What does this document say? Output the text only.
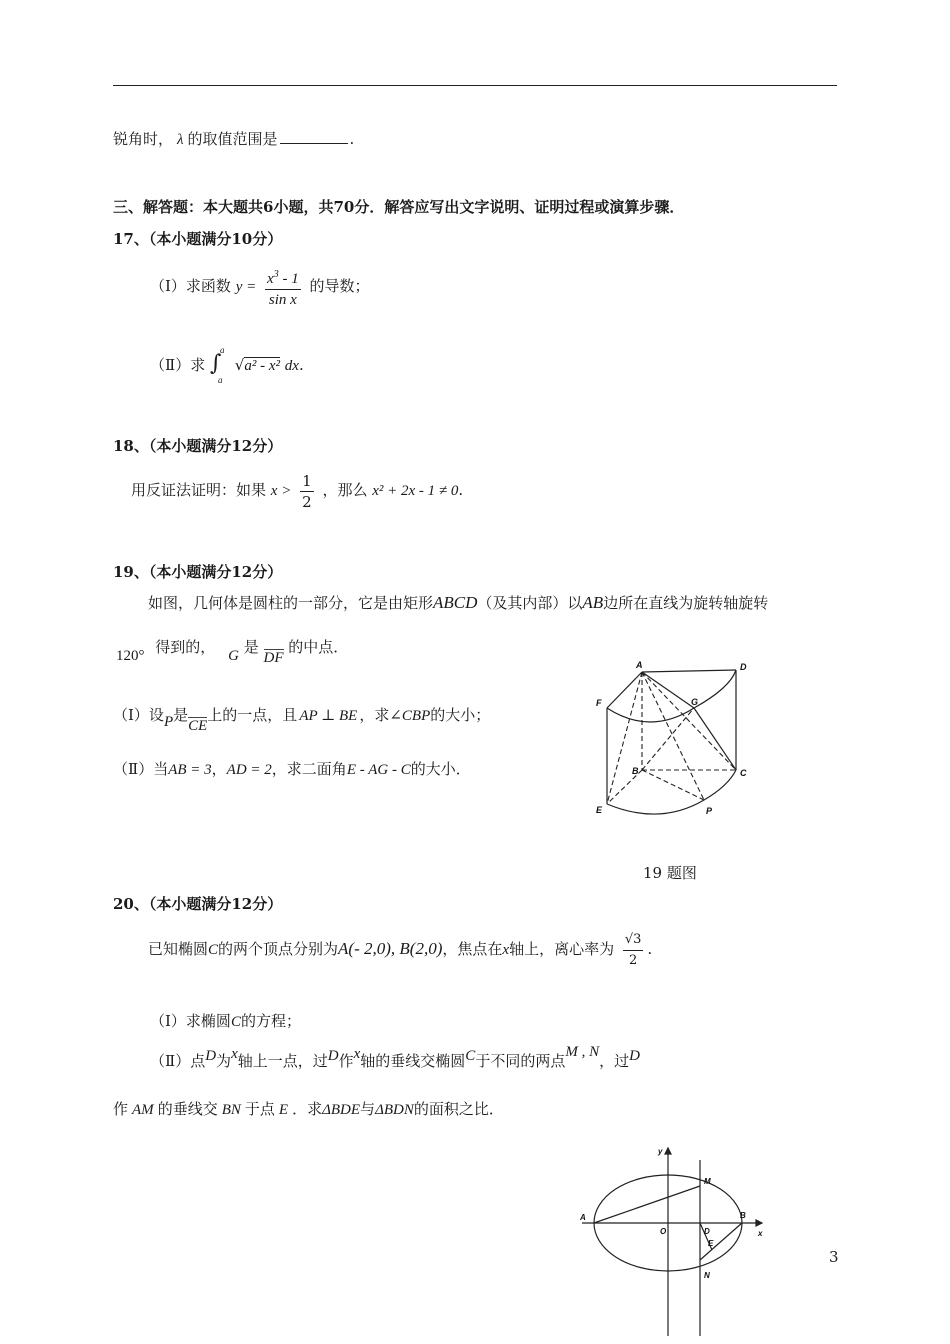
锐角时， λ 的取值范围是	.
三、解答题：本大题共6小题，共70分．解答应写出文字说明、证明过程或演算步骤．
17、（本小题满分10分）
（Ⅰ）求函数 $y = \frac{x^3 - 1}{\text{sin x}}$ 的导数；
（Ⅱ）求 ∫
a
a
√a² - x² dx.
18、（本小题满分12分）
用反证法证明：如果 $x > \frac{1}{2}$ ，那么 x² + 2x - 1 ≠ 0.
19、（本小题满分12分）
如图，几何体是圆柱的一部分，它是由矩形ABCD（及其内部）以AB边所在直线为旋转轴旋转
120° 得到的， G 是 DF 的中点．
（Ⅰ）设P是CE上的一点，且 AP ⊥ BE ，求∠CBP的大小；
（Ⅱ）当AB = 3，AD = 2，求二面角E - AG - C的大小．
A	D
F	G
B	C
E	P
19 题图
20、（本小题满分12分）
已知椭圆C的两个顶点分别为A(- 2,0), B(2,0)，焦点在x轴上，离心率为 $\frac{√3}{2}$ .
（Ⅰ）求椭圆C的方程；
（Ⅱ）点D为x轴上一点，过D作x轴的垂线交椭圆C于不同的两点M , N，过D
作 AM 的垂线交 BN 于点 E ．求ΔBDE与ΔBDN的面积之比．
y
M
A
O	D
B
x
E
N
3
